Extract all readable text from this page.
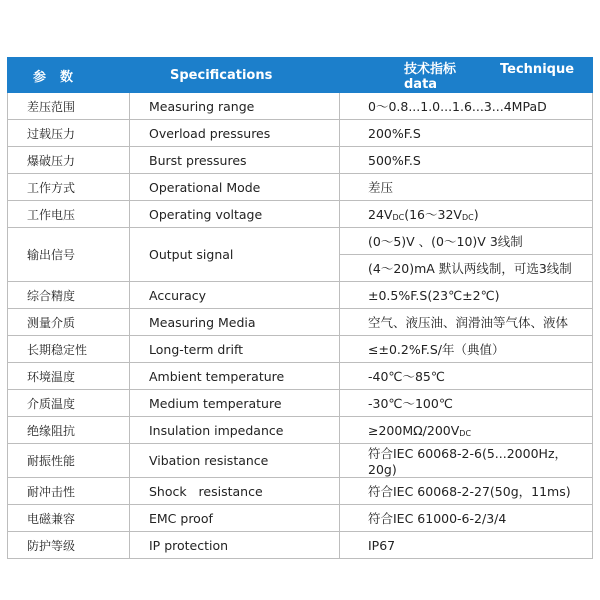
参数	Specifications	技术指标 Technique data
差压范围	Measuring range	0～0.8...1.0...1.6...3...4MPaD
过载压力	Overload pressures	200%F.S
爆破压力	Burst pressures	500%F.S
工作方式	Operational Mode	差压
工作电压	Operating voltage	$24V_{DC}(16\sim 32V_{DC})$
输出信号	Output signal	(0～5)V 、(0～10)V 3线制
		(4～20)mA 默认两线制，可选3线制
综合精度	Accuracy	±0.5%F.S(23℃±2℃)
测量介质	Measuring Media	空气、液压油、润滑油等气体、液体
长期稳定性	Long-term drift	≤±0.2%F.S/年（典值）
环境温度	Ambient temperature	-40℃～85℃
介质温度	Medium temperature	-30℃～100℃
绝缘阻抗	Insulation impedance	$\ge 200M\Omega/200V_{DC}$
耐振性能	Vibation resistance	符合IEC 60068-2-6(5...2000Hz，20g)
耐冲击性	Shock   resistance	符合IEC 60068-2-27(50g，11ms)
电磁兼容	EMC proof	符合IEC 61000-6-2/3/4
防护等级	IP protection	IP67
